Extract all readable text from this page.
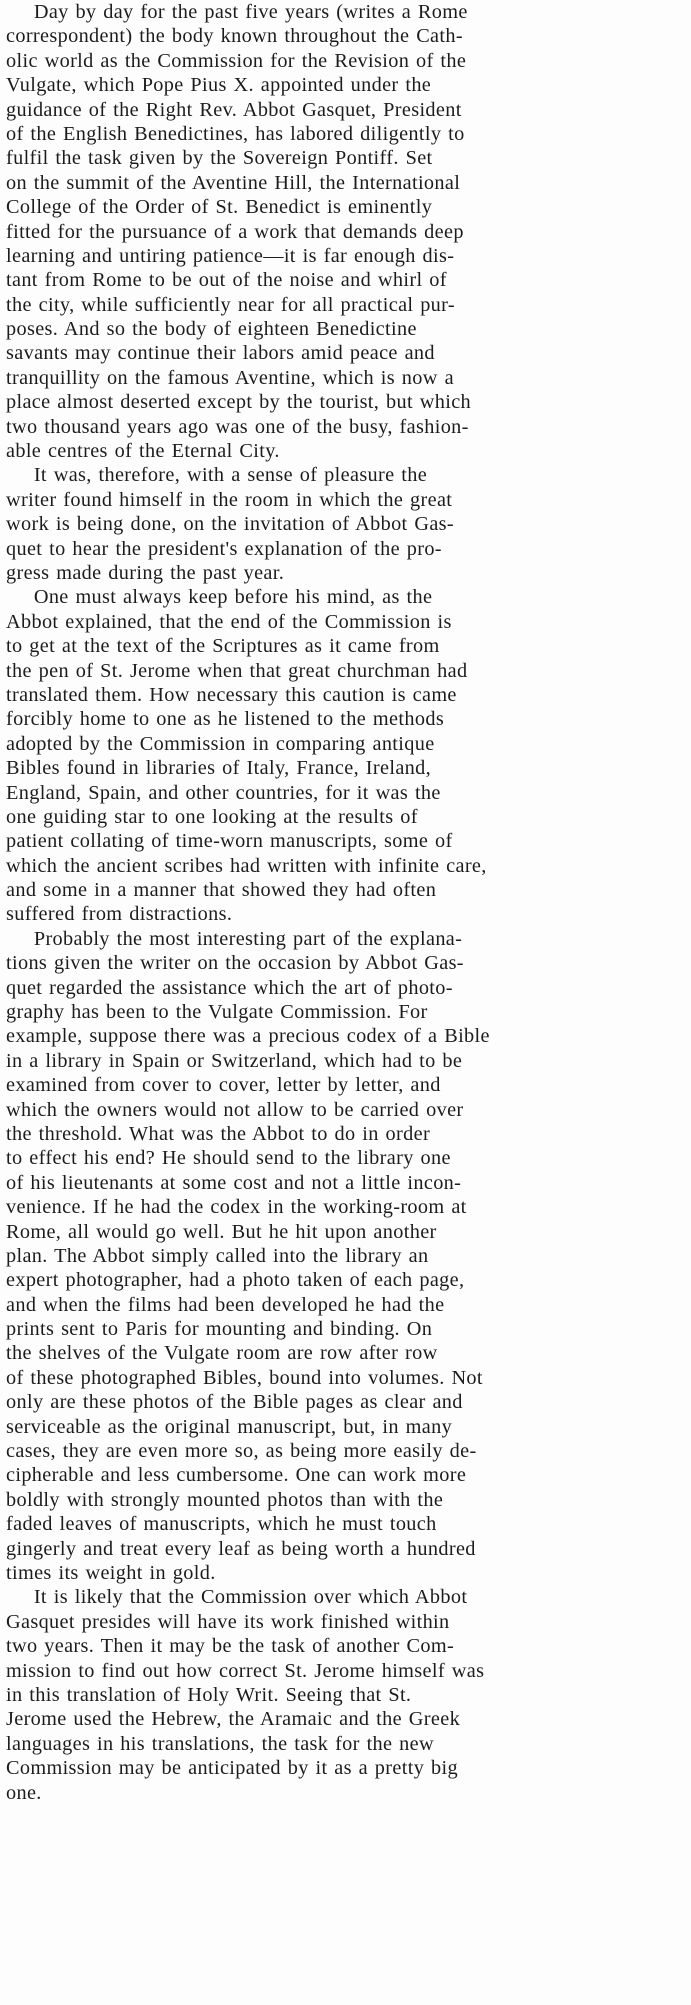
Day by day for the past five years (writes a Rome
correspondent) the body known throughout the Cath-
olic world as the Commission for the Revision of the
Vulgate, which Pope Pius X. appointed under the
guidance of the Right Rev. Abbot Gasquet, President
of the English Benedictines, has labored diligently to
fulfil the task given by the Sovereign Pontiff. Set
on the summit of the Aventine Hill, the International
College of the Order of St. Benedict is eminently
fitted for the pursuance of a work that demands deep
learning and untiring patience—it is far enough dis-
tant from Rome to be out of the noise and whirl of
the city, while sufficiently near for all practical pur-
poses. And so the body of eighteen Benedictine
savants may continue their labors amid peace and
tranquillity on the famous Aventine, which is now a
place almost deserted except by the tourist, but which
two thousand years ago was one of the busy, fashion-
able centres of the Eternal City.
It was, therefore, with a sense of pleasure the
writer found himself in the room in which the great
work is being done, on the invitation of Abbot Gas-
quet to hear the president's explanation of the pro-
gress made during the past year.
One must always keep before his mind, as the
Abbot explained, that the end of the Commission is
to get at the text of the Scriptures as it came from
the pen of St. Jerome when that great churchman had
translated them. How necessary this caution is came
forcibly home to one as he listened to the methods
adopted by the Commission in comparing antique
Bibles found in libraries of Italy, France, Ireland,
England, Spain, and other countries, for it was the
one guiding star to one looking at the results of
patient collating of time-worn manuscripts, some of
which the ancient scribes had written with infinite care,
and some in a manner that showed they had often
suffered from distractions.
Probably the most interesting part of the explana-
tions given the writer on the occasion by Abbot Gas-
quet regarded the assistance which the art of photo-
graphy has been to the Vulgate Commission. For
example, suppose there was a precious codex of a Bible
in a library in Spain or Switzerland, which had to be
examined from cover to cover, letter by letter, and
which the owners would not allow to be carried over
the threshold. What was the Abbot to do in order
to effect his end? He should send to the library one
of his lieutenants at some cost and not a little incon-
venience. If he had the codex in the working-room at
Rome, all would go well. But he hit upon another
plan. The Abbot simply called into the library an
expert photographer, had a photo taken of each page,
and when the films had been developed he had the
prints sent to Paris for mounting and binding. On
the shelves of the Vulgate room are row after row
of these photographed Bibles, bound into volumes. Not
only are these photos of the Bible pages as clear and
serviceable as the original manuscript, but, in many
cases, they are even more so, as being more easily de-
cipherable and less cumbersome. One can work more
boldly with strongly mounted photos than with the
faded leaves of manuscripts, which he must touch
gingerly and treat every leaf as being worth a hundred
times its weight in gold.
It is likely that the Commission over which Abbot
Gasquet presides will have its work finished within
two years. Then it may be the task of another Com-
mission to find out how correct St. Jerome himself was
in this translation of Holy Writ. Seeing that St.
Jerome used the Hebrew, the Aramaic and the Greek
languages in his translations, the task for the new
Commission may be anticipated by it as a pretty big
one.
